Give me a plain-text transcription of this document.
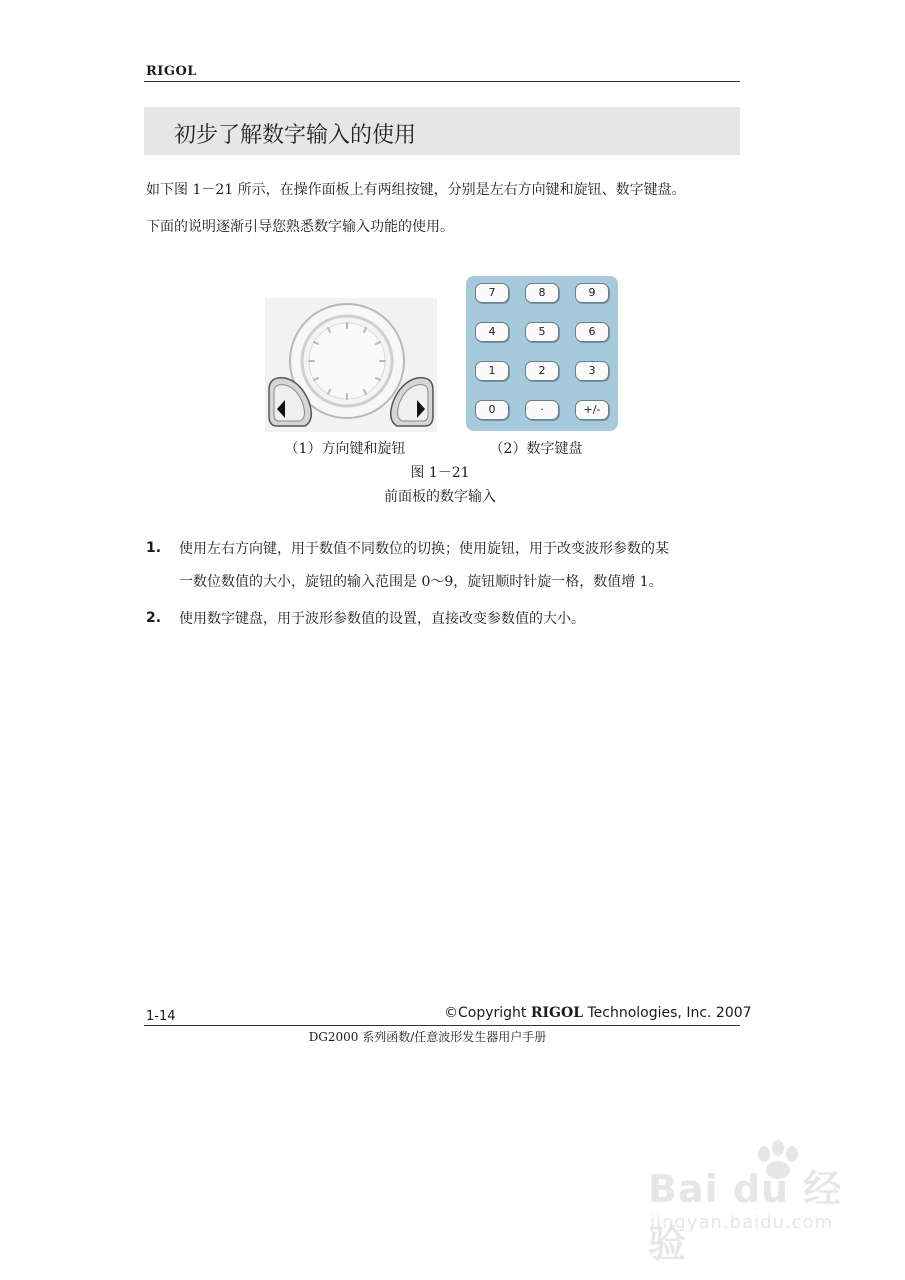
RIGOL
初步了解数字输入的使用
如下图 1－21 所示，在操作面板上有两组按键，分别是左右方向键和旋钮、数字键盘。
下面的说明逐渐引导您熟悉数字输入功能的使用。
7	8	9
4	5	6
1	2	3
0	·	+/-
（1）方向键和旋钮	（2）数字键盘
图 1－21
前面板的数字输入
1. 使用左右方向键，用于数值不同数位的切换；使用旋钮，用于改变波形参数的某
一数位数值的大小，旋钮的输入范围是 0～9，旋钮顺时针旋一格，数值增 1。
2. 使用数字键盘，用于波形参数值的设置，直接改变参数值的大小。
1-14	©Copyright RIGOL Technologies, Inc. 2007
DG2000 系列函数/任意波形发生器用户手册
Bai du 经验
jingyan.baidu.com
